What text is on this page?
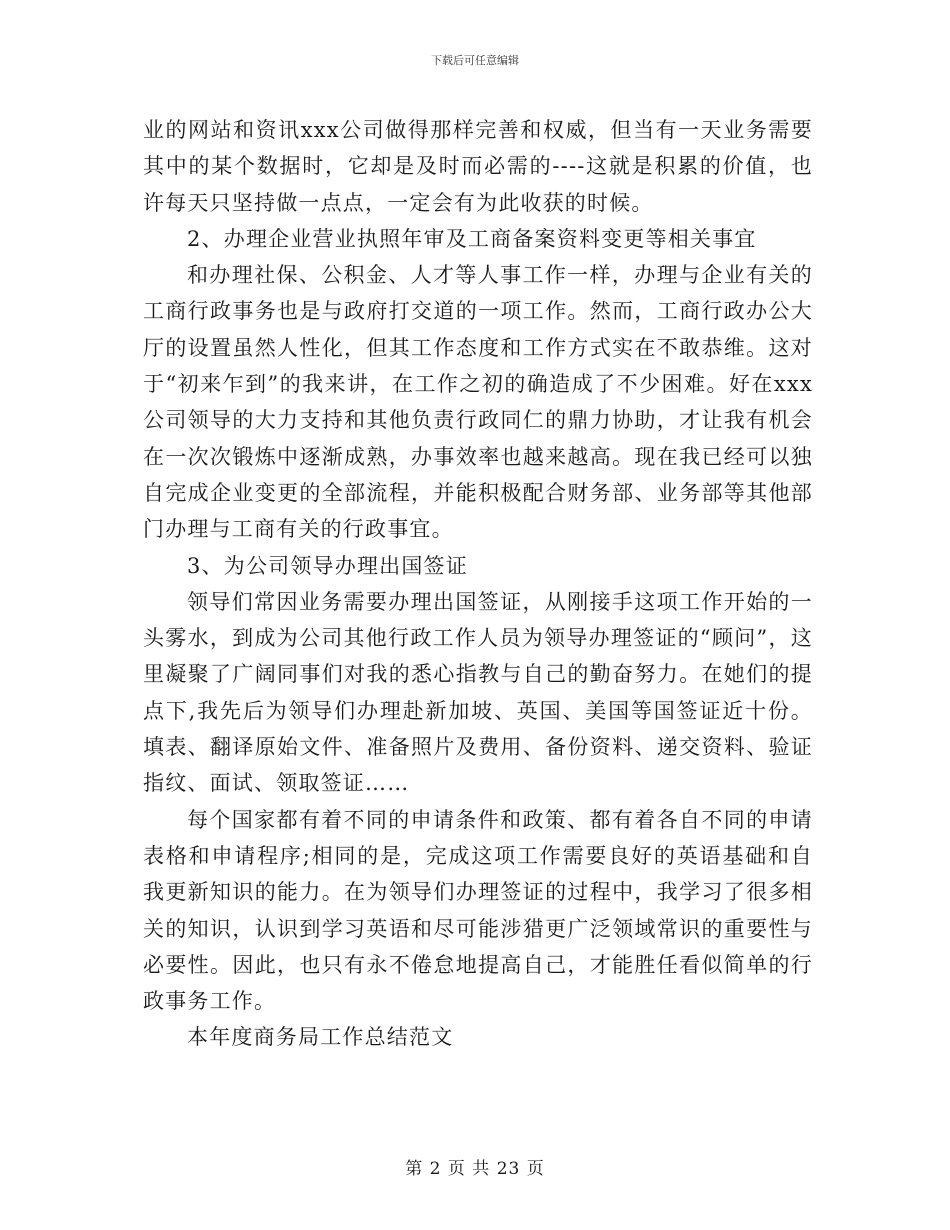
下载后可任意编辑

业的网站和资讯xxx公司做得那样完善和权威，但当有一天业务需要其中的某个数据时，它却是及时而必需的----这就是积累的价值，也许每天只坚持做一点点，一定会有为此收获的时候。

2、办理企业营业执照年审及工商备案资料变更等相关事宜

和办理社保、公积金、人才等人事工作一样，办理与企业有关的工商行政事务也是与政府打交道的一项工作。然而，工商行政办公大厅的设置虽然人性化，但其工作态度和工作方式实在不敢恭维。这对于“初来乍到”的我来讲，在工作之初的确造成了不少困难。好在xxx公司领导的大力支持和其他负责行政同仁的鼎力协助，才让我有机会在一次次锻炼中逐渐成熟，办事效率也越来越高。现在我已经可以独自完成企业变更的全部流程，并能积极配合财务部、业务部等其他部门办理与工商有关的行政事宜。

3、为公司领导办理出国签证

领导们常因业务需要办理出国签证，从刚接手这项工作开始的一头雾水，到成为公司其他行政工作人员为领导办理签证的“顾问”，这里凝聚了广阔同事们对我的悉心指教与自己的勤奋努力。在她们的提点下,我先后为领导们办理赴新加坡、英国、美国等国签证近十份。填表、翻译原始文件、准备照片及费用、备份资料、递交资料、验证指纹、面试、领取签证……

每个国家都有着不同的申请条件和政策、都有着各自不同的申请表格和申请程序;相同的是，完成这项工作需要良好的英语基础和自我更新知识的能力。在为领导们办理签证的过程中，我学习了很多相关的知识，认识到学习英语和尽可能涉猎更广泛领域常识的重要性与必要性。因此，也只有永不倦怠地提高自己，才能胜任看似简单的行政事务工作。

本年度商务局工作总结范文

第 2 页 共 23 页
